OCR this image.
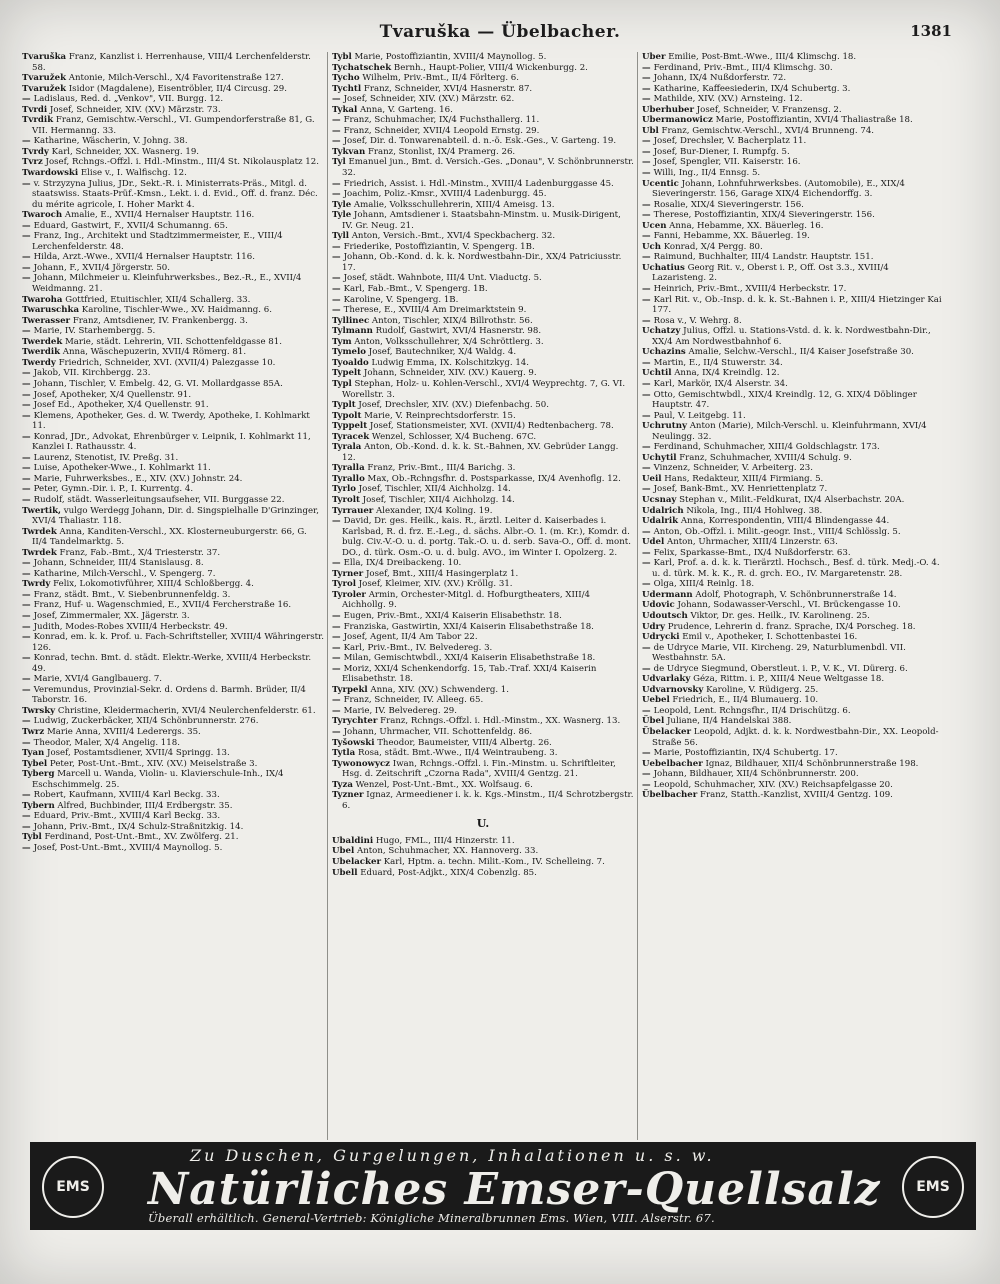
Tvaruška — Übelbacher.	1381

Tvaruška Franz, Kanzlist i. Herrenhause, VIII/4 Lerchenfelderstr. 58.

Tvaružek Antonie, Milch-Verschl., X/4 Favoritenstraße 127.

Tvaružek Isidor (Magdalene), Eisentröbler, II/4 Circusg. 29.

— Ladislaus, Red. d. „Venkov", VII. Burgg. 12.

Tvrdi Josef, Schneider, XIV. (XV.) Märzstr. 73.

Tvrdik Franz, Gemischtw.-Verschl., VI. Gumpendorferstraße 81, G. VII. Hermanng. 33.

— Katharine, Wäscherin, V. Johng. 38.

Tvrdy Karl, Schneider, XX. Wasnerg. 19.

Tvrz Josef, Rchngs.-Offzl. i. Hdl.-Minstm., III/4 St. Nikolausplatz 12.

Twardowski Elise v., I. Walfischg. 12.

— v. Strzyzyna Julius, JDr., Sekt.-R. i. Ministerrats-Präs., Mitgl. d. staatswiss. Staats-Prüf.-Kmsn., Lekt. i. d. Evid., Off. d. franz. Déc. du mérite agricole, I. Hoher Markt 4.

Twaroch Amalie, E., XVII/4 Hernalser Hauptstr. 116.

— Eduard, Gastwirt, F., XVII/4 Schumanng. 65.

— Franz, Ing., Architekt und Stadtzimmermeister, E., VIII/4 Lerchenfelderstr. 48.

— Hilda, Arzt.-Wwe., XVII/4 Hernalser Hauptstr. 116.

— Johann, F., XVII/4 Jörgerstr. 50.

— Johann, Milchmeier u. Kleinfuhrwerksbes., Bez.-R., E., XVII/4 Weidmanng. 21.

Twaroha Gottfried, Etuitischler, XII/4 Schallerg. 33.

Twaruschka Karoline, Tischler-Wwe., XV. Haidmanng. 6.

Twerasser Franz, Amtsdiener, IV. Frankenbergg. 3.

— Marie, IV. Starhembergg. 5.

Twerdek Marie, städt. Lehrerin, VII. Schottenfeldgasse 81.

Twerdik Anna, Wäschepuzerin, XVII/4 Römerg. 81.

Twerdy Friedrich, Schneider, XVI. (XVII/4) Palezgasse 10.

— Jakob, VII. Kirchbergg. 23.

— Johann, Tischler, V. Embelg. 42, G. VI. Mollardgasse 85A.

— Josef, Apotheker, X/4 Quellenstr. 91.

— Josef Ed., Apotheker, X/4 Quellenstr. 91.

— Klemens, Apotheker, Ges. d. W. Twerdy, Apotheke, I. Kohlmarkt 11.

— Konrad, JDr., Advokat, Ehrenbürger v. Leipnik, I. Kohlmarkt 11, Kanzlei I. Rathausstr. 4.

— Laurenz, Stenotist, IV. Preßg. 31.

— Luise, Apotheker-Wwe., I. Kohlmarkt 11.

— Marie, Fuhrwerksbes., E., XIV. (XV.) Johnstr. 24.

— Peter, Gymn.-Dir. i. P., I. Kurrentg. 4.

— Rudolf, städt. Wasserleitungsaufseher, VII. Burggasse 22.

Twertik, vulgo Werdegg Johann, Dir. d. Singspielhalle D'Grinzinger, XVI/4 Thaliastr. 118.

Twrdek Anna, Kanditen-Verschl., XX. Klosterneuburgerstr. 66, G. II/4 Tandelmarktg. 5.

Twrdek Franz, Fab.-Bmt., X/4 Triesterstr. 37.

— Johann, Schneider, III/4 Stanislausg. 8.

— Katharine, Milch-Verschl., V. Spengerg. 7.

Twrdy Felix, Lokomotivführer, XIII/4 Schloßbergg. 4.

— Franz, städt. Bmt., V. Siebenbrunnenfeldg. 3.

— Franz, Huf- u. Wagenschmied, E., XVII/4 Fercherstraße 16.

— Josef, Zimmermaler, XX. Jägerstr. 3.

— Judith, Modes-Robes XVIII/4 Herbeckstr. 49.

— Konrad, em. k. k. Prof. u. Fach-Schriftsteller, XVIII/4 Währingerstr. 126.

— Konrad, techn. Bmt. d. städt. Elektr.-Werke, XVIII/4 Herbeckstr. 49.

— Marie, XVI/4 Ganglbauerg. 7.

— Veremundus, Provinzial-Sekr. d. Ordens d. Barmh. Brüder, II/4 Taborstr. 16.

Twrsky Christine, Kleidermacherin, XVI/4 Neulerchenfelderstr. 61.

— Ludwig, Zuckerbäcker, XII/4 Schönbrunnerstr. 276.

Twrz Marie Anna, XVIII/4 Lederergs. 35.

— Theodor, Maler, X/4 Angelig. 118.

Tyan Josef, Postamtsdiener, XVII/4 Springg. 13.

Tybel Peter, Post-Unt.-Bmt., XIV. (XV.) Meiselstraße 3.

Tyberg Marcell u. Wanda, Violin- u. Klavierschule-Inh., IX/4 Eschschimmelg. 25.

— Robert, Kaufmann, XVIII/4 Karl Beckg. 33.

Tybern Alfred, Buchbinder, III/4 Erdbergstr. 35.

— Eduard, Priv.-Bmt., XVIII/4 Karl Beckg. 33.

— Johann, Priv.-Bmt., IX/4 Schulz-Straßnitzkig. 14.

Tybl Ferdinand, Post-Unt.-Bmt., XV. Zwölferg. 21.

— Josef, Post-Unt.-Bmt., XVIII/4 Maynollog. 5.

Tybl Marie, Postoffiziantin, XVIII/4 Maynollog. 5.

Tychatschek Bernh., Haupt-Polier, VIII/4 Wickenburgg. 2.

Tycho Wilhelm, Priv.-Bmt., II/4 Förlterg. 6.

Tychtl Franz, Schneider, XVI/4 Hasnerstr. 87.

— Josef, Schneider, XIV. (XV.) Märzstr. 62.

Tykal Anna, V. Garteng. 16.

— Franz, Schuhmacher, IX/4 Fuchsthallerg. 11.

— Franz, Schneider, XVII/4 Leopold Ernstg. 29.

— Josef, Dir. d. Tonwarenabteil. d. n.-ö. Esk.-Ges., V. Garteng. 19.

Tykvan Franz, Stonlist, IX/4 Pramerg. 26.

Tyl Emanuel jun., Bmt. d. Versich.-Ges. „Donau", V. Schönbrunnerstr. 32.

— Friedrich, Assist. i. Hdl.-Minstm., XVIII/4 Ladenburggasse 45.

— Joachim, Poliz.-Kmsr., XVIII/4 Ladenburgg. 45.

Tyle Amalie, Volksschullehrerin, XIII/4 Ameisg. 13.

Tyle Johann, Amtsdiener i. Staatsbahn-Minstm. u. Musik-Dirigent, IV. Gr. Neug. 21.

Tyll Anton, Versich.-Bmt., XVI/4 Speckbacherg. 32.

— Friederike, Postoffiziantin, V. Spengerg. 1B.

— Johann, Ob.-Kond. d. k. k. Nordwestbahn-Dir., XX/4 Patriciusstr. 17.

— Josef, städt. Wahnbote, III/4 Unt. Viaductg. 5.

— Karl, Fab.-Bmt., V. Spengerg. 1B.

— Karoline, V. Spengerg. 1B.

— Therese, E., XVIII/4 Am Dreimarktstein 9.

Tyllinec Anton, Tischler, XIX/4 Billrothstr. 56.

Tylmann Rudolf, Gastwirt, XVI/4 Hasnerstr. 98.

Tym Anton, Volksschullehrer, X/4 Schröttlerg. 3.

Tymelo Josef, Bautechniker, X/4 Waldg. 4.

Tyoaldo Ludwig Emma, IX. Kolschitzkyg. 14.

Typelt Johann, Schneider, XIV. (XV.) Kauerg. 9.

Typl Stephan, Holz- u. Kohlen-Verschl., XVI/4 Weyprechtg. 7, G. VI. Worellstr. 3.

Typlt Josef, Drechsler, XIV. (XV.) Diefenbachg. 50.

Typolt Marie, V. Reinprechtsdorferstr. 15.

Typpelt Josef, Stationsmeister, XVI. (XVII/4) Redtenbacherg. 78.

Tyracek Wenzel, Schlosser, X/4 Bucheng. 67C.

Tyrala Anton, Ob.-Kond. d. k. k. St.-Bahnen, XV. Gebrüder Langg. 12.

Tyralla Franz, Priv.-Bmt., III/4 Barichg. 3.

Tyrallo Max, Ob.-Rchngsfhr. d. Postsparkasse, IX/4 Avenhoflg. 12.

Tyrlo Josef, Tischler, XII/4 Aichholzg. 14.

Tyrolt Josef, Tischler, XII/4 Aichholzg. 14.

Tyrrauer Alexander, IX/4 Koling. 19.

— David, Dr. ges. Heilk., kais. R., ärztl. Leiter d. Kaiserbades i. Karlsbad, R. d. frz. E.-Leg., d. sächs. Albr.-O. 1. (m. Kr.), Komdr. d. bulg. Civ.-V.-O. u. d. portg. Tak.-O. u. d. serb. Sava-O., Off. d. mont. DO., d. türk. Osm.-O. u. d. bulg. AVO., im Winter I. Opolzerg. 2.

— Ella, IX/4 Dreibackeng. 10.

Tyrner Josef, Bmt., XIII/4 Hasingerplatz 1.

Tyrol Josef, Kleimer, XIV. (XV.) Kröllg. 31.

Tyroler Armin, Orchester-Mitgl. d. Hofburgtheaters, XIII/4 Aichhollg. 9.

— Eugen, Priv.-Bmt., XXI/4 Kaiserin Elisabethstr. 18.

— Franziska, Gastwirtin, XXI/4 Kaiserin Elisabethstraße 18.

— Josef, Agent, II/4 Am Tabor 22.

— Karl, Priv.-Bmt., IV. Belvedereg. 3.

— Milan, Gemischtwbdl., XXI/4 Kaiserin Elisabethstraße 18.

— Moriz, XXI/4 Schenkendorfg. 15, Tab.-Traf. XXI/4 Kaiserin Elisabethstr. 18.

Tyrpekl Anna, XIV. (XV.) Schwenderg. 1.

— Franz, Schneider, IV. Alleeg. 65.

— Marie, IV. Belvedereg. 29.

Tyrychter Franz, Rchngs.-Offzl. i. Hdl.-Minstm., XX. Wasnerg. 13.

— Johann, Uhrmacher, VII. Schottenfeldg. 86.

Tyšowski Theodor, Baumeister, VIII/4 Albertg. 26.

Tytla Rosa, städt. Bmt.-Wwe., II/4 Weintraubeng. 3.

Tywonowycz Iwan, Rchngs.-Offzl. i. Fin.-Minstm. u. Schriftleiter, Hsg. d. Zeitschrift „Czorna Rada", XVIII/4 Gentzg. 21.

Tyza Wenzel, Post-Unt.-Bmt., XX. Wolfsaug. 6.

Tyzner Ignaz, Armeediener i. k. k. Kgs.-Minstm., II/4 Schrotzbergstr. 6.

U.

Ubaldini Hugo, FML., III/4 Hinzerstr. 11.

Ubel Anton, Schuhmacher, XX. Hannoverg. 33.

Ubelacker Karl, Hptm. a. techn. Milit.-Kom., IV. Schelleing. 7.

Ubell Eduard, Post-Adjkt., XIX/4 Cobenzlg. 85.

Uber Emilie, Post-Bmt.-Wwe., III/4 Klimschg. 18.

— Ferdinand, Priv.-Bmt., III/4 Klimschg. 30.

— Johann, IX/4 Nußdorferstr. 72.

— Katharine, Kaffeesiederin, IX/4 Schubertg. 3.

— Mathilde, XIV. (XV.) Arnsteing. 12.

Uberhuber Josef, Schneider, V. Franzensg. 2.

Ubermanowicz Marie, Postoffiziantin, XVI/4 Thaliastraße 18.

Ubl Franz, Gemischtw.-Verschl., XVI/4 Brunneng. 74.

— Josef, Drechsler, V. Bacherplatz 11.

— Josef, Bur-Diener, I. Rumpfg. 5.

— Josef, Spengler, VII. Kaiserstr. 16.

— Willi, Ing., II/4 Ennsg. 5.

Ucentic Johann, Lohnfuhrwerksbes. (Automobile), E., XIX/4 Sieveringerstr. 156, Garage XIX/4 Eichendorffg. 3.

— Rosalie, XIX/4 Sieveringerstr. 156.

— Therese, Postoffiziantin, XIX/4 Sieveringerstr. 156.

Ucen Anna, Hebamme, XX. Bäuerleg. 16.

— Fanni, Hebamme, XX. Bäuerleg. 19.

Uch Konrad, X/4 Pergg. 80.

— Raimund, Buchhalter, III/4 Landstr. Hauptstr. 151.

Uchatius Georg Rit. v., Oberst i. P., Off. Ost 3.3., XVIII/4 Lazaristeng. 2.

— Heinrich, Priv.-Bmt., XVIII/4 Herbeckstr. 17.

— Karl Rit. v., Ob.-Insp. d. k. k. St.-Bahnen i. P., XIII/4 Hietzinger Kai 177.

— Rosa v., V. Wehrg. 8.

Uchatzy Julius, Offzl. u. Stations-Vstd. d. k. k. Nordwestbahn-Dir., XX/4 Am Nordwestbahnhof 6.

Uchazins Amalie, Selchw.-Verschl., II/4 Kaiser Josefstraße 30.

— Martin, E., II/4 Stuwerstr. 34.

Uchtil Anna, IX/4 Kreindlg. 12.

— Karl, Markör, IX/4 Alserstr. 34.

— Otto, Gemischtwbdl., XIX/4 Kreindlg. 12, G. XIX/4 Döblinger Hauptstr. 47.

— Paul, V. Leitgebg. 11.

Uchrutny Anton (Marie), Milch-Verschl. u. Kleinfuhrmann, XVI/4 Neulingg. 32.

— Ferdinand, Schuhmacher, XIII/4 Goldschlagstr. 173.

Uchytil Franz, Schuhmacher, XVIII/4 Schulg. 9.

— Vinzenz, Schneider, V. Arbeiterg. 23.

Ueil Hans, Redakteur, XIII/4 Firmiang. 5.

— Josef, Bank-Bmt., XV. Henriettenplatz 7.

Ucsnay Stephan v., Milit.-Feldkurat, IX/4 Alserbachstr. 20A.

Udalrich Nikola, Ing., III/4 Hohlweg. 38.

Udalrik Anna, Korrespondentin, VIII/4 Blindengasse 44.

— Anton, Ob.-Offzl. i. Milit.-geogr. Inst., VIII/4 Schlösslg. 5.

Udel Anton, Uhrmacher, XIII/4 Linzerstr. 63.

— Felix, Sparkasse-Bmt., IX/4 Nußdorferstr. 63.

— Karl, Prof. a. d. k. k. Tierärztl. Hochsch., Besf. d. türk. Medj.-O. 4. u. d. türk. M. k. K., R. d. grch. EO., IV. Margaretenstr. 28.

— Olga, XIII/4 Reinlg. 18.

Udermann Adolf, Photograph, V. Schönbrunnerstraße 14.

Udovic Johann, Sodawasser-Verschl., VI. Brückengasse 10.

Udoutsch Viktor, Dr. ges. Heilk., IV. Karolineng. 25.

Udry Prudence, Lehrerin d. franz. Sprache, IX/4 Porscheg. 18.

Udrycki Emil v., Apotheker, I. Schottenbastei 16.

— de Udryce Marie, VII. Kircheng. 29, Naturblumenbdl. VII. Westbahnstr. 5A.

— de Udryce Siegmund, Oberstleut. i. P., V. K., VI. Dürerg. 6.

Udvarlaky Géza, Rittm. i. P., XIII/4 Neue Weltgasse 18.

Udvarnovsky Karoline, V. Rüdigerg. 25.

Uebel Friedrich, E., II/4 Blumauerg. 10.

— Leopold, Lent. Rchngsfhr., II/4 Drischützg. 6.

Übel Juliane, II/4 Handelskai 388.

Übelacker Leopold, Adjkt. d. k. k. Nordwestbahn-Dir., XX. Leopold-Straße 56.

— Marie, Postoffiziantin, IX/4 Schubertg. 17.

Uebelbacher Ignaz, Bildhauer, XII/4 Schönbrunnerstraße 198.

— Johann, Bildhauer, XII/4 Schönbrunnerstr. 200.

— Leopold, Schuhmacher, XIV. (XV.) Reichsapfelgasse 20.

Übelbacher Franz, Statth.-Kanzlist, XVIII/4 Gentzg. 109.

EMS
Zu Duschen, Gurgelungen, Inhalationen u. s. w.
Natürliches Emser-Quellsalz
Überall erhältlich. General-Vertrieb: Königliche Mineralbrunnen Ems. Wien, VIII. Alserstr. 67.
EMS
